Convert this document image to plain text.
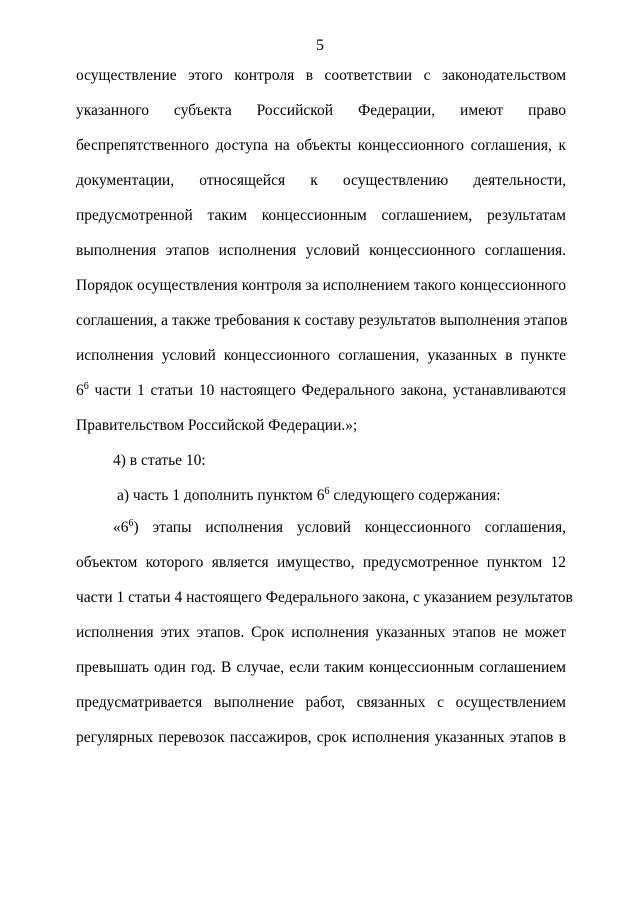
5
осуществление этого контроля в соответствии с законодательством
указанного субъекта Российской Федерации, имеют право
беспрепятственного доступа на объекты концессионного соглашения, к
документации, относящейся к осуществлению деятельности,
предусмотренной таким концессионным соглашением, результатам
выполнения этапов исполнения условий концессионного соглашения.
Порядок осуществления контроля за исполнением такого концессионного
соглашения, а также требования к составу результатов выполнения этапов
исполнения условий концессионного соглашения, указанных в пункте
$6^6$ части 1 статьи 10 настоящего Федерального закона, устанавливаются
Правительством Российской Федерации.»;
4) в статье 10:
а) часть 1 дополнить пунктом $6^6$ следующего содержания:
«$6^6$) этапы исполнения условий концессионного соглашения,
объектом которого является имущество, предусмотренное пунктом 12
части 1 статьи 4 настоящего Федерального закона, с указанием результатов
исполнения этих этапов. Срок исполнения указанных этапов не может
превышать один год. В случае, если таким концессионным соглашением
предусматривается выполнение работ, связанных с осуществлением
регулярных перевозок пассажиров, срок исполнения указанных этапов в
